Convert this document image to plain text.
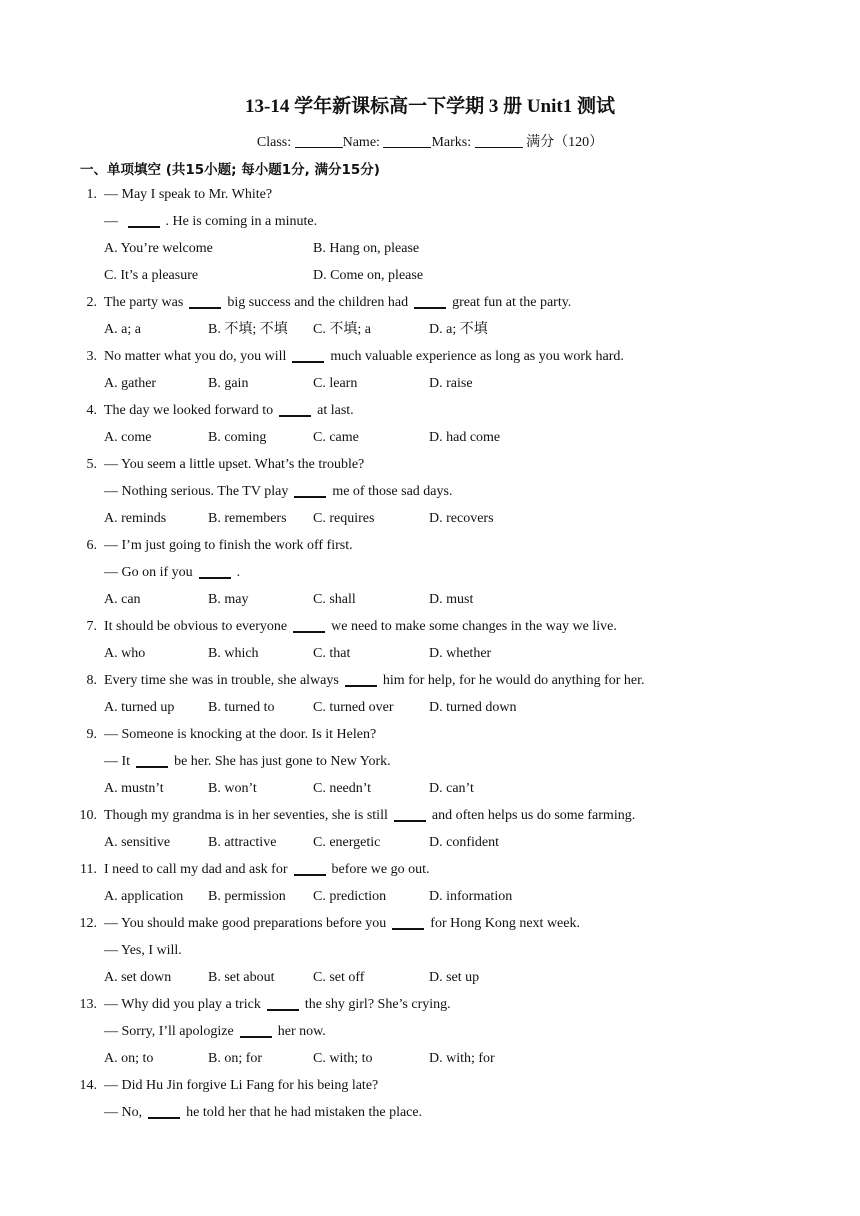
13-14 学年新课标高一下学期 3 册 Unit1 测试
Class:	Name:	Marks:	满分（120）
一、单项填空 (共15小题; 每小题1分, 满分15分)
1. — May I speak to Mr. White?
—	. He is coming in a minute.
A. You’re welcome	B. Hang on, please
C. It’s a pleasure	D. Come on, please
2. The party was	big success and the children had	great fun at the party.
A. a; a	B. 不填; 不填 C. 不填; a	D. a; 不填
3. No matter what you do, you will	much valuable experience as long as you work hard.
A. gather	B. gain	C. learn	D. raise
4. The day we looked forward to	at last.
A. come	B. coming	C. came	D. had come
5. — You seem a little upset. What’s the trouble?
— Nothing serious. The TV play	me of those sad days.
A. reminds	B. remembers C. requires	D. recovers
6. — I’m just going to finish the work off first.
— Go on if you	.
A. can	B. may	C. shall	D. must
7. It should be obvious to everyone	we need to make some changes in the way we live.
A. who	B. which	C. that	D. whether
8. Every time she was in trouble, she always	him for help, for he would do anything for her.
A. turned up B. turned to	C. turned over	D. turned down
9. — Someone is knocking at the door. Is it Helen?
— It	be her. She has just gone to New York.
A. mustn’t	B. won’t	C. needn’t	D. can’t
10. Though my grandma is in her seventies, she is still	and often helps us do some farming.
A. sensitive	B. attractive	C. energetic	D. confident
11. I need to call my dad and ask for	before we go out.
A. application B. permission C. prediction	D. information
12. — You should make good preparations before you	for Hong Kong next week.
— Yes, I will.
A. set down	B. set about	C. set off	D. set up
13. — Why did you play a trick	the shy girl? She’s crying.
— Sorry, I’ll apologize	her now.
A. on; to	B. on; for	C. with; to	D. with; for
14. — Did Hu Jin forgive Li Fang for his being late?
— No,	he told her that he had mistaken the place.
